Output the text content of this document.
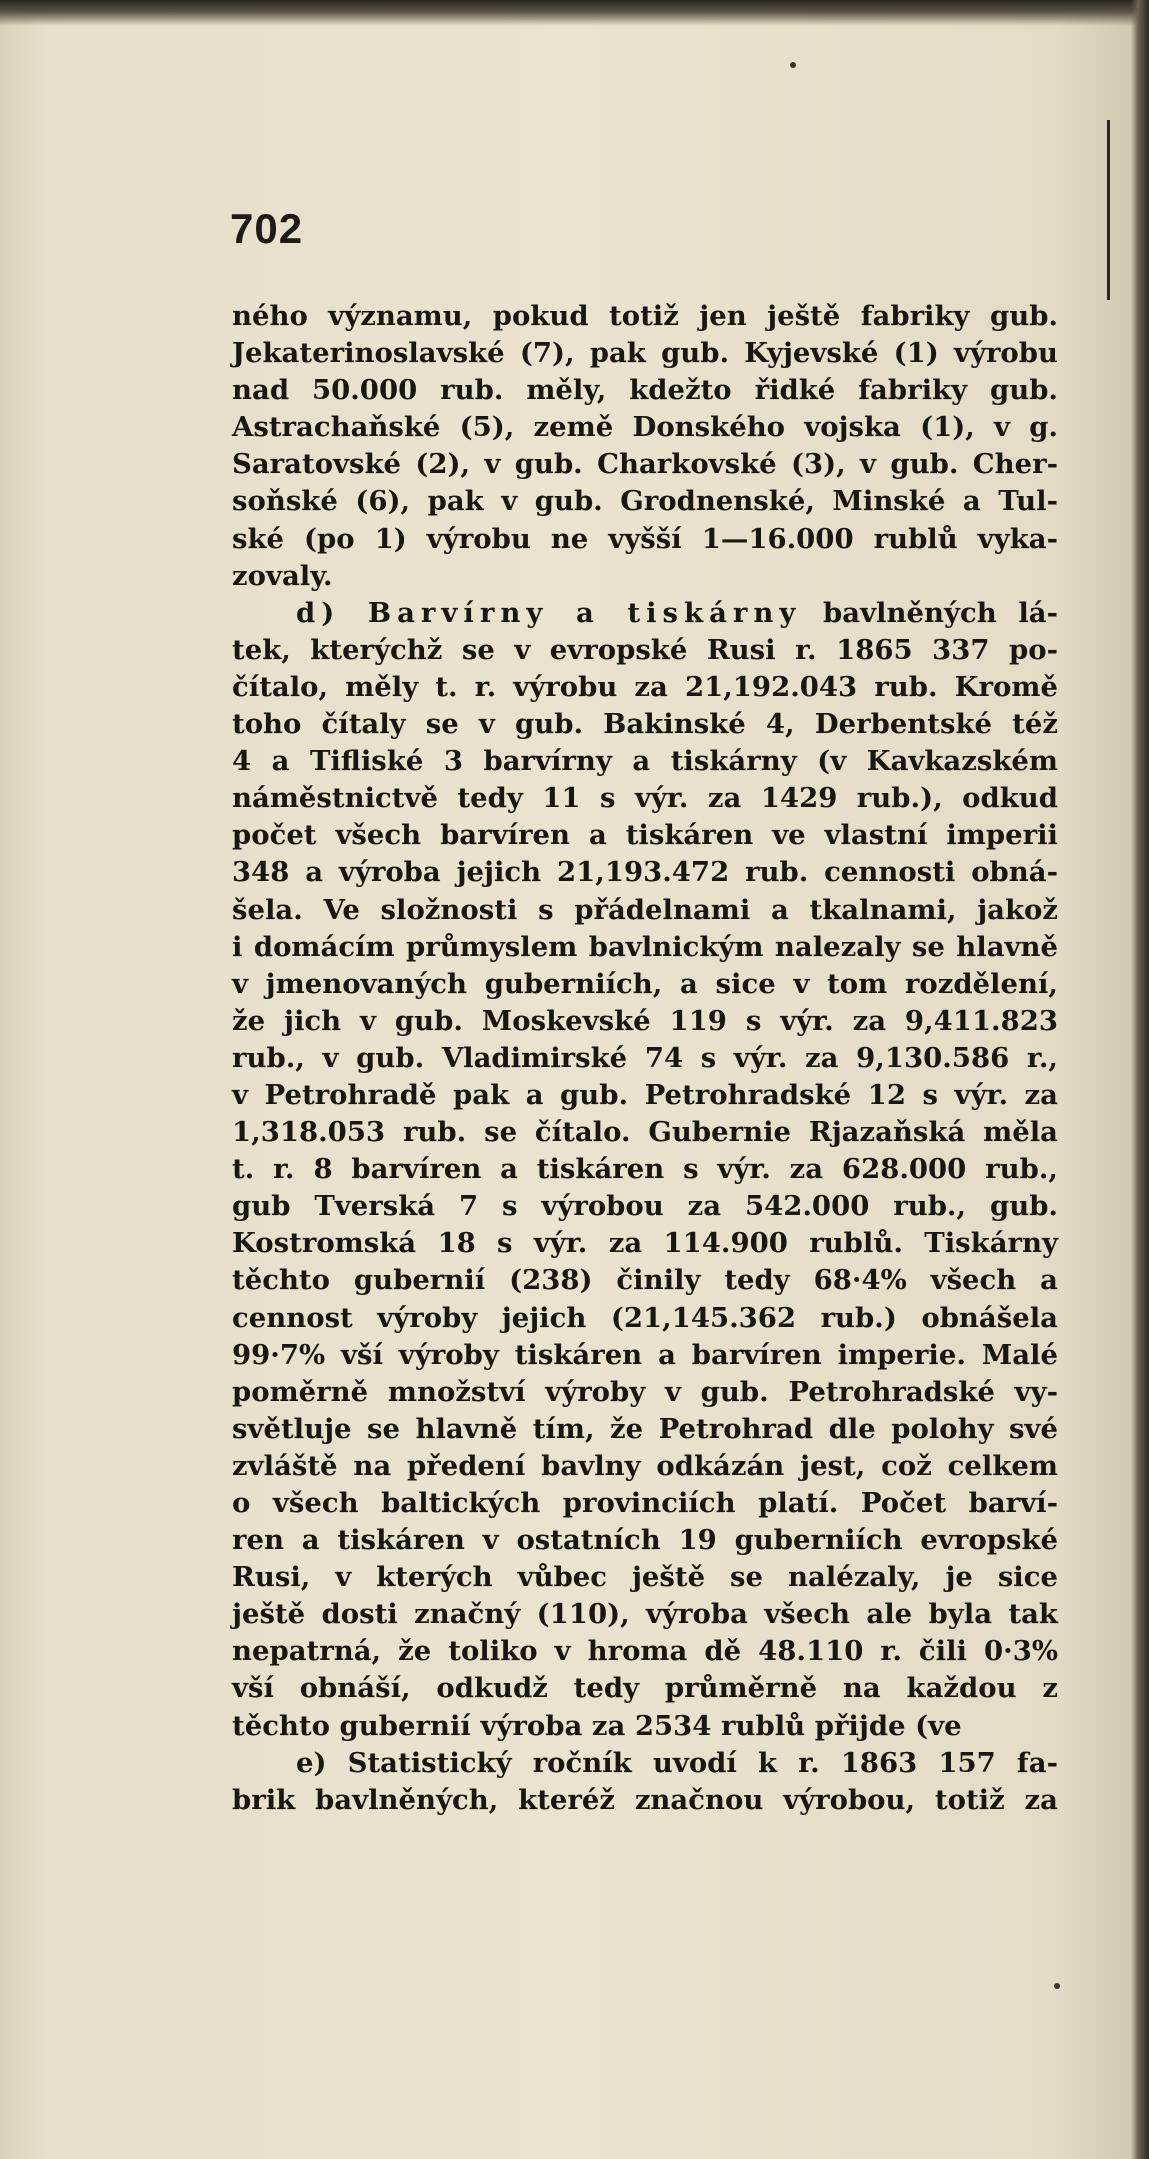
702
ného významu, pokud totiž jen ještě fabriky gub.
Jekaterinoslavské (7), pak gub. Kyjevské (1) výrobu
nad 50.000 rub. měly, kdežto řidké fabriky gub.
Astrachaňské (5), země Donského vojska (1), v g.
Saratovské (2), v gub. Charkovské (3), v gub. Cher-
soňské (6), pak v gub. Grodnenské, Minské a Tul-
ské (po 1) výrobu ne vyšší 1—16.000 rublů vyka-
zovaly.
d) Barvírny a tiskárny bavlněných lá-
tek, kterýchž se v evropské Rusi r. 1865 337 po-
čítalo, měly t. r. výrobu za 21,192.043 rub. Kromě
toho čítaly se v gub. Bakinské 4, Derbentské též
4 a Tifliské 3 barvírny a tiskárny (v Kavkazském
náměstnictvě tedy 11 s výr. za 1429 rub.), odkud
počet všech barvíren a tiskáren ve vlastní imperii
348 a výroba jejich 21,193.472 rub. cennosti obná-
šela. Ve složnosti s přádelnami a tkalnami, jakož
i domácím průmyslem bavlnickým nalezaly se hlavně
v jmenovaných guberniích, a sice v tom rozdělení,
že jich v gub. Moskevské 119 s výr. za 9,411.823
rub., v gub. Vladimirské 74 s výr. za 9,130.586 r.,
v Petrohradě pak a gub. Petrohradské 12 s výr. za
1,318.053 rub. se čítalo. Gubernie Rjazaňská měla
t. r. 8 barvíren a tiskáren s výr. za 628.000 rub.,
gub Tverská 7 s výrobou za 542.000 rub., gub.
Kostromská 18 s výr. za 114.900 rublů. Tiskárny
těchto gubernií (238) činily tedy 68·4% všech a
cennost výroby jejich (21,145.362 rub.) obnášela
99·7% vší výroby tiskáren a barvíren imperie. Malé
poměrně množství výroby v gub. Petrohradské vy-
světluje se hlavně tím, že Petrohrad dle polohy své
zvláště na předení bavlny odkázán jest, což celkem
o všech baltických provinciích platí. Počet barví-
ren a tiskáren v ostatních 19 guberniích evropské
Rusi, v kterých vůbec ještě se nalézaly, je sice
ještě dosti značný (110), výroba všech ale byla tak
nepatrná, že toliko v hroma dě 48.110 r. čili 0·3%
vší obnáší, odkudž tedy průměrně na každou z
těchto gubernií výroba za 2534 rublů přijde (ve
e) Statistický ročník uvodí k r. 1863 157 fa-
brik bavlněných, kteréž značnou výrobou, totiž za
